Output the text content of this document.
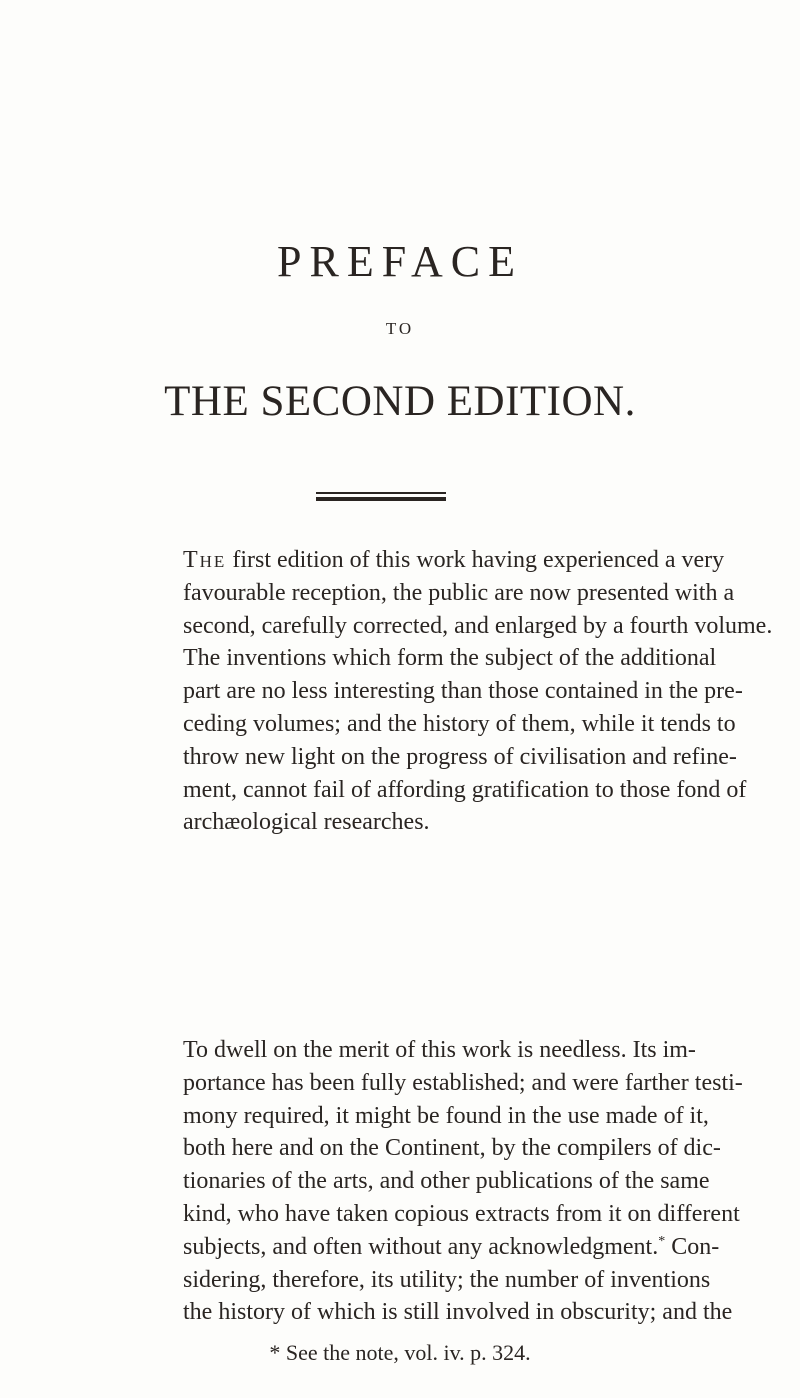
PREFACE
TO
THE SECOND EDITION.
The first edition of this work having experienced a very
favourable reception, the public are now presented with a
second, carefully corrected, and enlarged by a fourth volume.
The inventions which form the subject of the additional
part are no less interesting than those contained in the pre-
ceding volumes; and the history of them, while it tends to
throw new light on the progress of civilisation and refine-
ment, cannot fail of affording gratification to those fond of
archæological researches.
To dwell on the merit of this work is needless. Its im-
portance has been fully established; and were farther testi-
mony required, it might be found in the use made of it,
both here and on the Continent, by the compilers of dic-
tionaries of the arts, and other publications of the same
kind, who have taken copious extracts from it on different
subjects, and often without any acknowledgment.* Con-
sidering, therefore, its utility; the number of inventions
the history of which is still involved in obscurity; and the
* See the note, vol. iv. p. 324.
